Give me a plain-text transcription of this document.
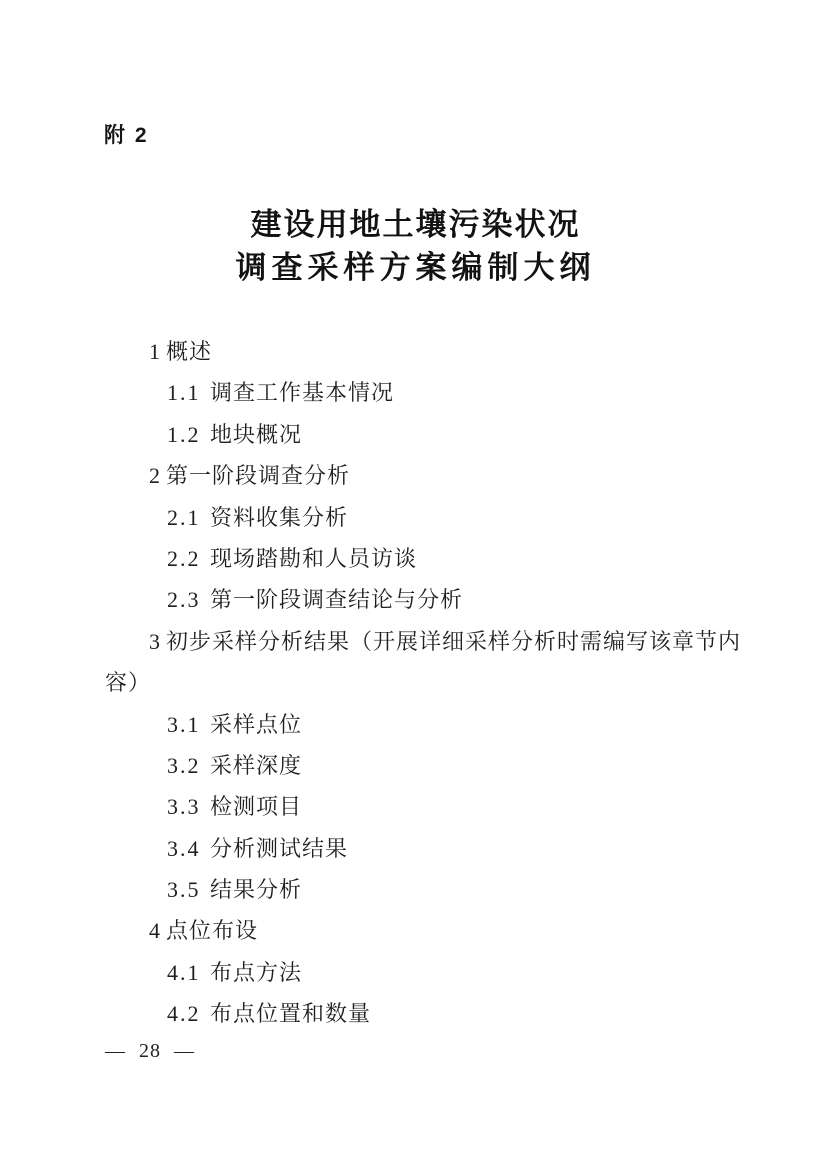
附 2
建设用地土壤污染状况
调查采样方案编制大纲
1 概述
1.1 调查工作基本情况
1.2 地块概况
2 第一阶段调查分析
2.1 资料收集分析
2.2 现场踏勘和人员访谈
2.3 第一阶段调查结论与分析
3 初步采样分析结果（开展详细采样分析时需编写该章节内
容）
3.1 采样点位
3.2 采样深度
3.3 检测项目
3.4 分析测试结果
3.5 结果分析
4 点位布设
4.1 布点方法
4.2 布点位置和数量
— 28 —
